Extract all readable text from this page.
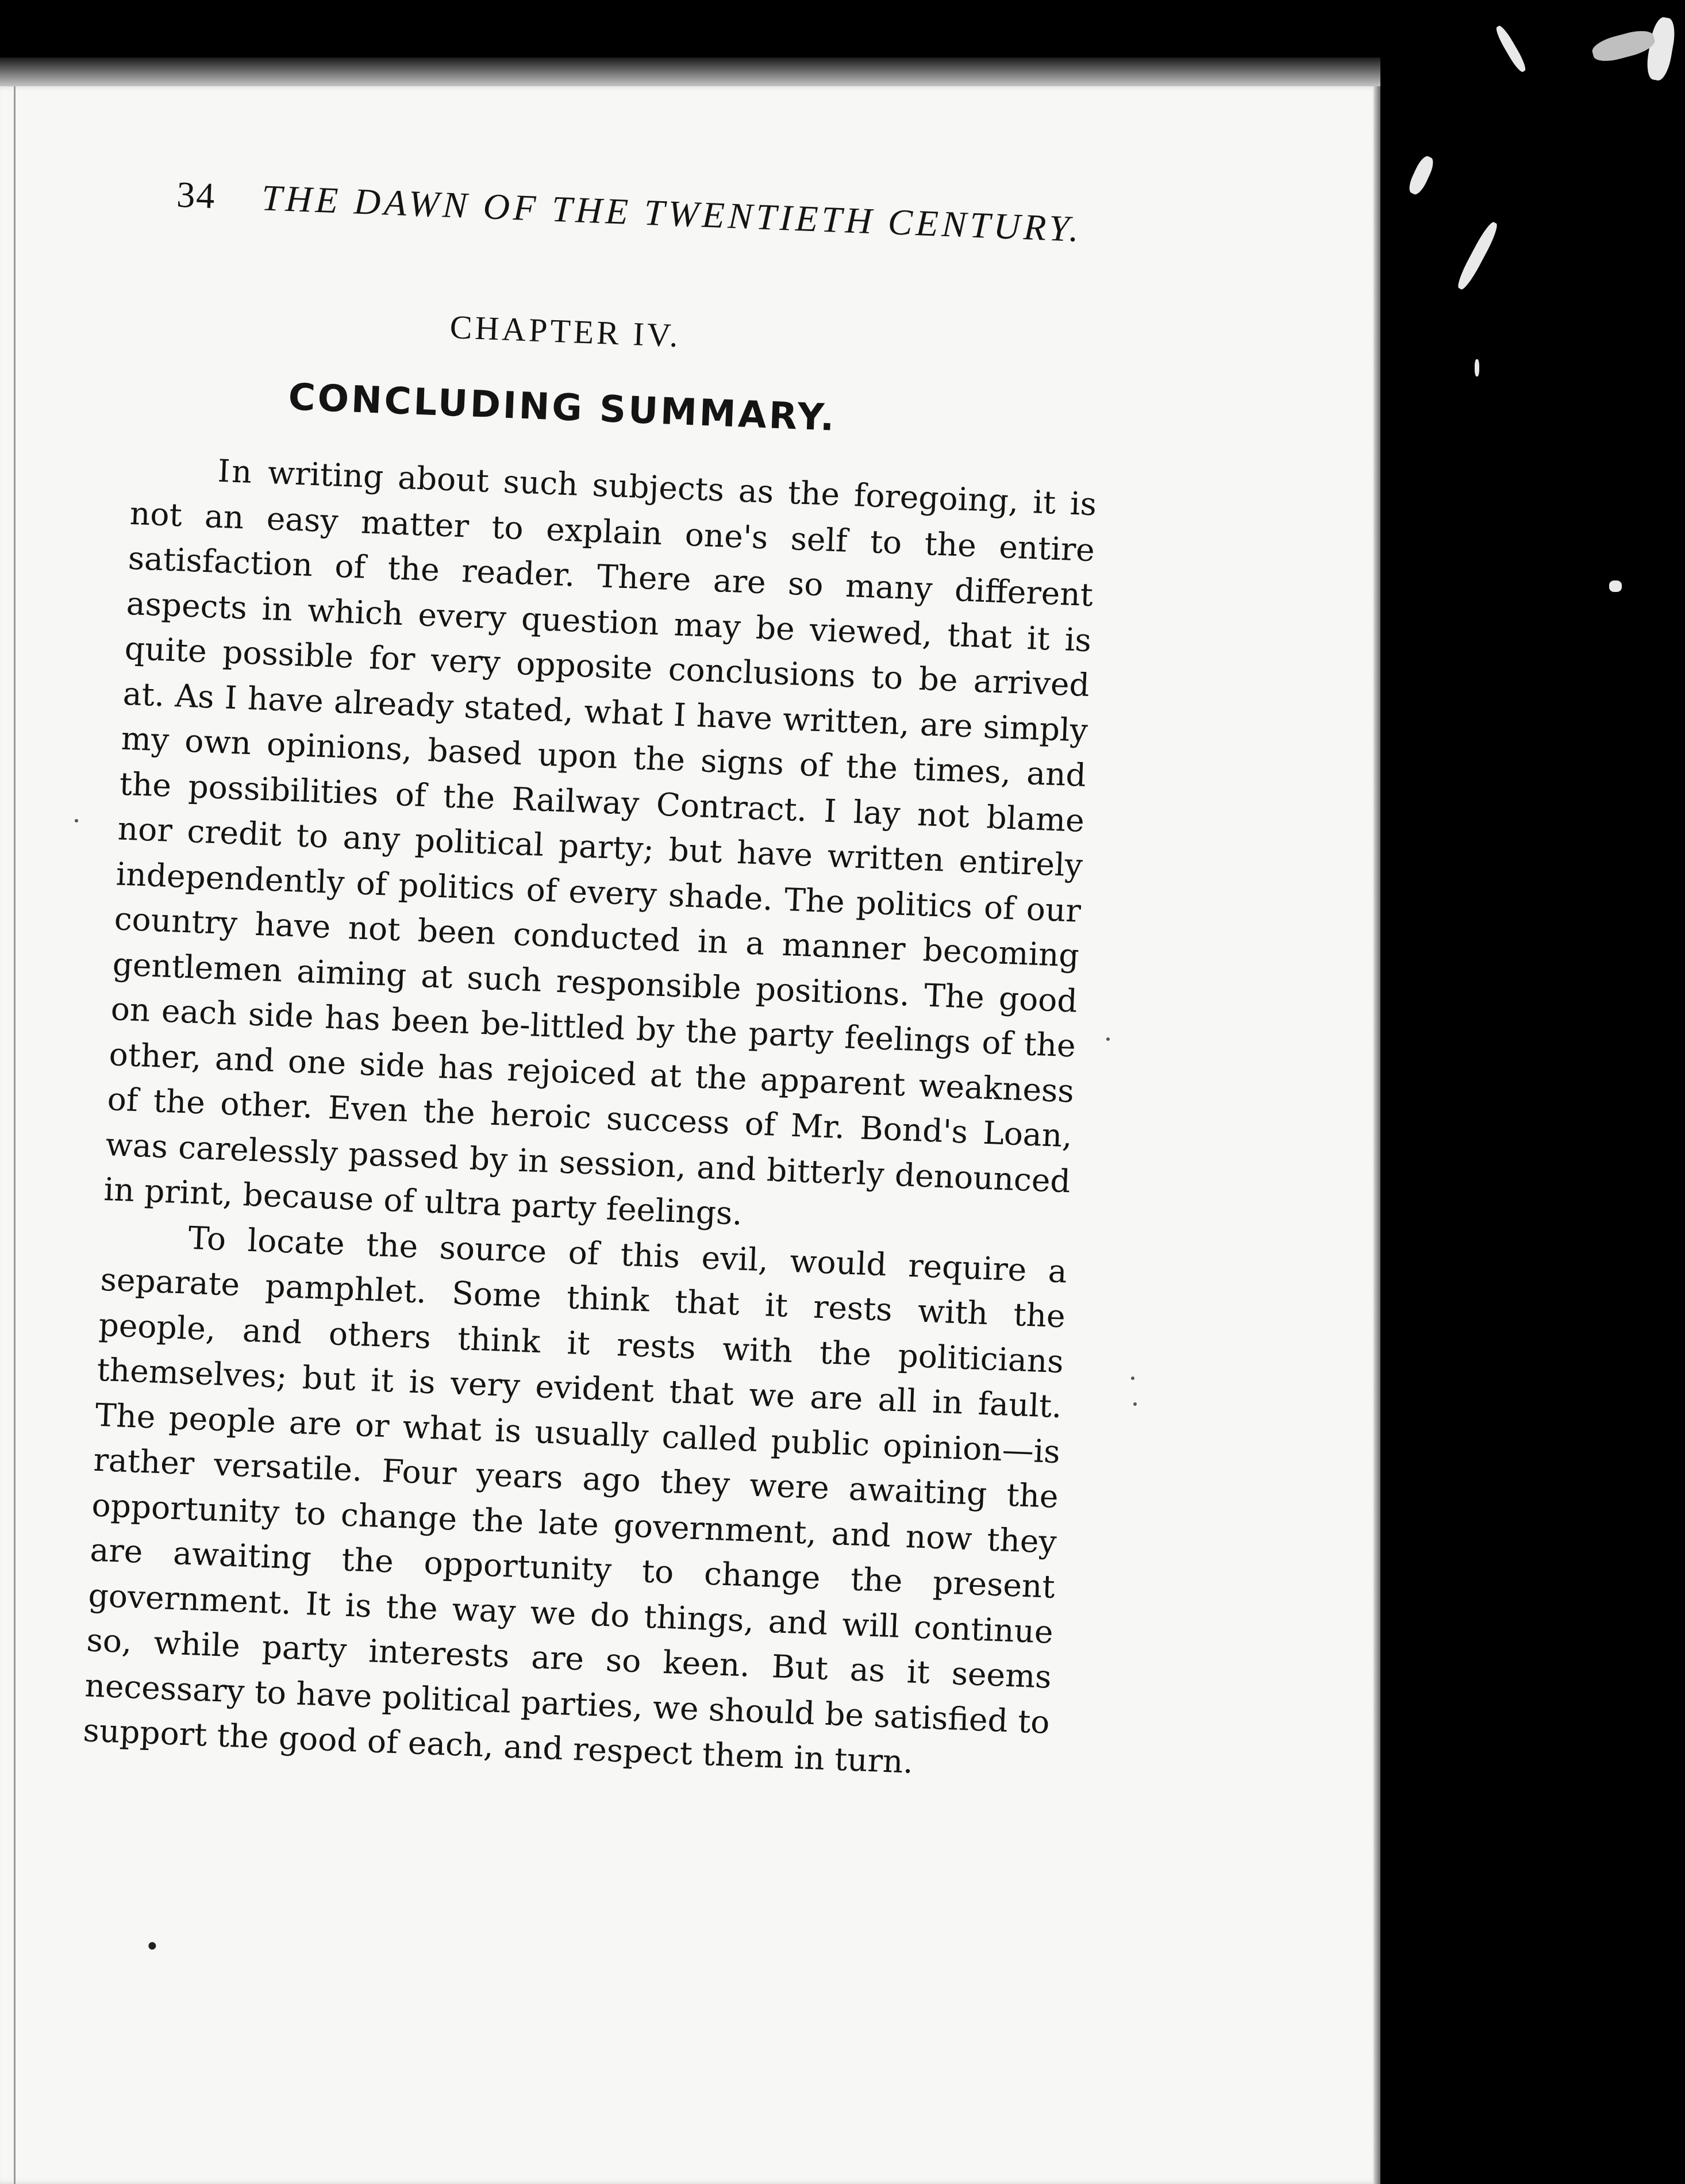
34 THE DAWN OF THE TWENTIETH CENTURY.
CHAPTER IV.
CONCLUDING SUMMARY.

In writing about such subjects as the foregoing, it is not an easy matter to explain one's self to the entire satisfaction of the reader. There are so many different aspects in which every question may be viewed, that it is quite possible for very opposite conclusions to be arrived at. As I have already stated, what I have written, are simply my own opinions, based upon the signs of the times, and the possibilities of the Railway Contract. I lay not blame nor credit to any political party; but have written entirely independently of politics of every shade. The politics of our country have not been conducted in a manner becoming gentlemen aiming at such responsible positions. The good on each side has been be-littled by the party feelings of the other, and one side has rejoiced at the apparent weakness of the other. Even the heroic success of Mr. Bond's Loan, was carelessly passed by in session, and bitterly denounced in print, because of ultra party feelings.

To locate the source of this evil, would require a separate pamphlet. Some think that it rests with the people, and others think it rests with the politicians themselves; but it is very evident that we are all in fault. The people are or what is usually called public opinion—is rather versatile. Four years ago they were awaiting the opportunity to change the late government, and now they are awaiting the opportunity to change the present government. It is the way we do things, and will continue so, while party interests are so keen. But as it seems necessary to have political parties, we should be satisfied to support the good of each, and respect them in turn.
